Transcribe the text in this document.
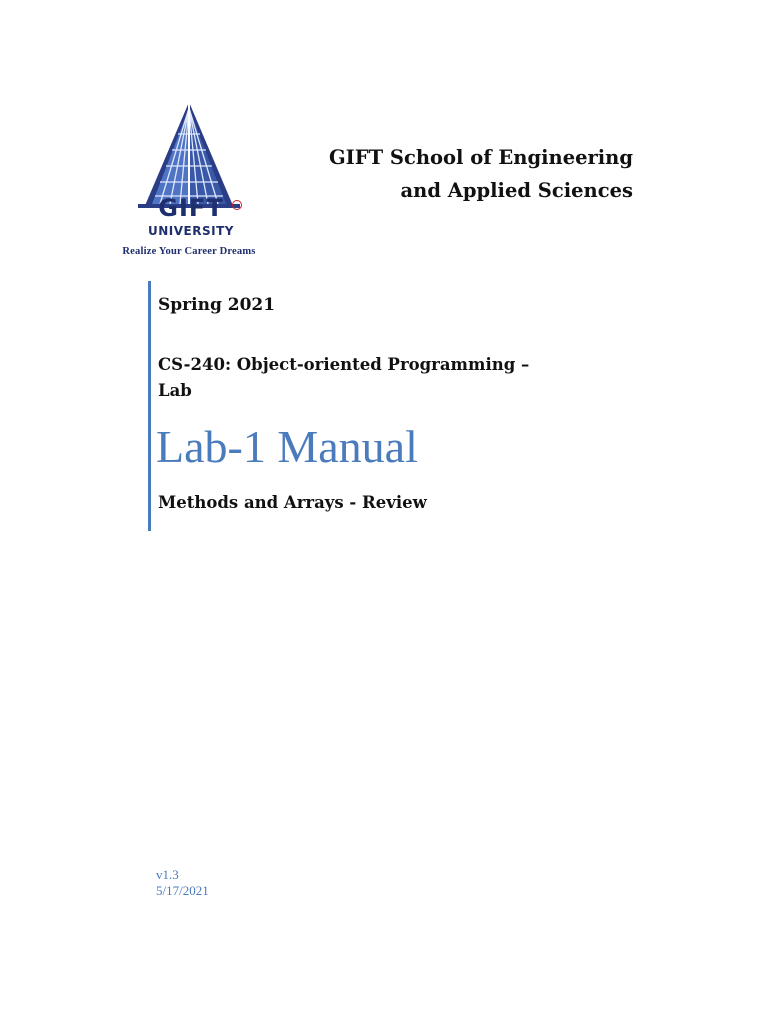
GIFT
UNIVERSITY
Realize Your Career Dreams
GIFT School of Engineering
and Applied Sciences
Spring 2021
CS-240: Object-oriented Programming –
Lab
Lab-1 Manual
Methods and Arrays - Review
v1.3
5/17/2021
